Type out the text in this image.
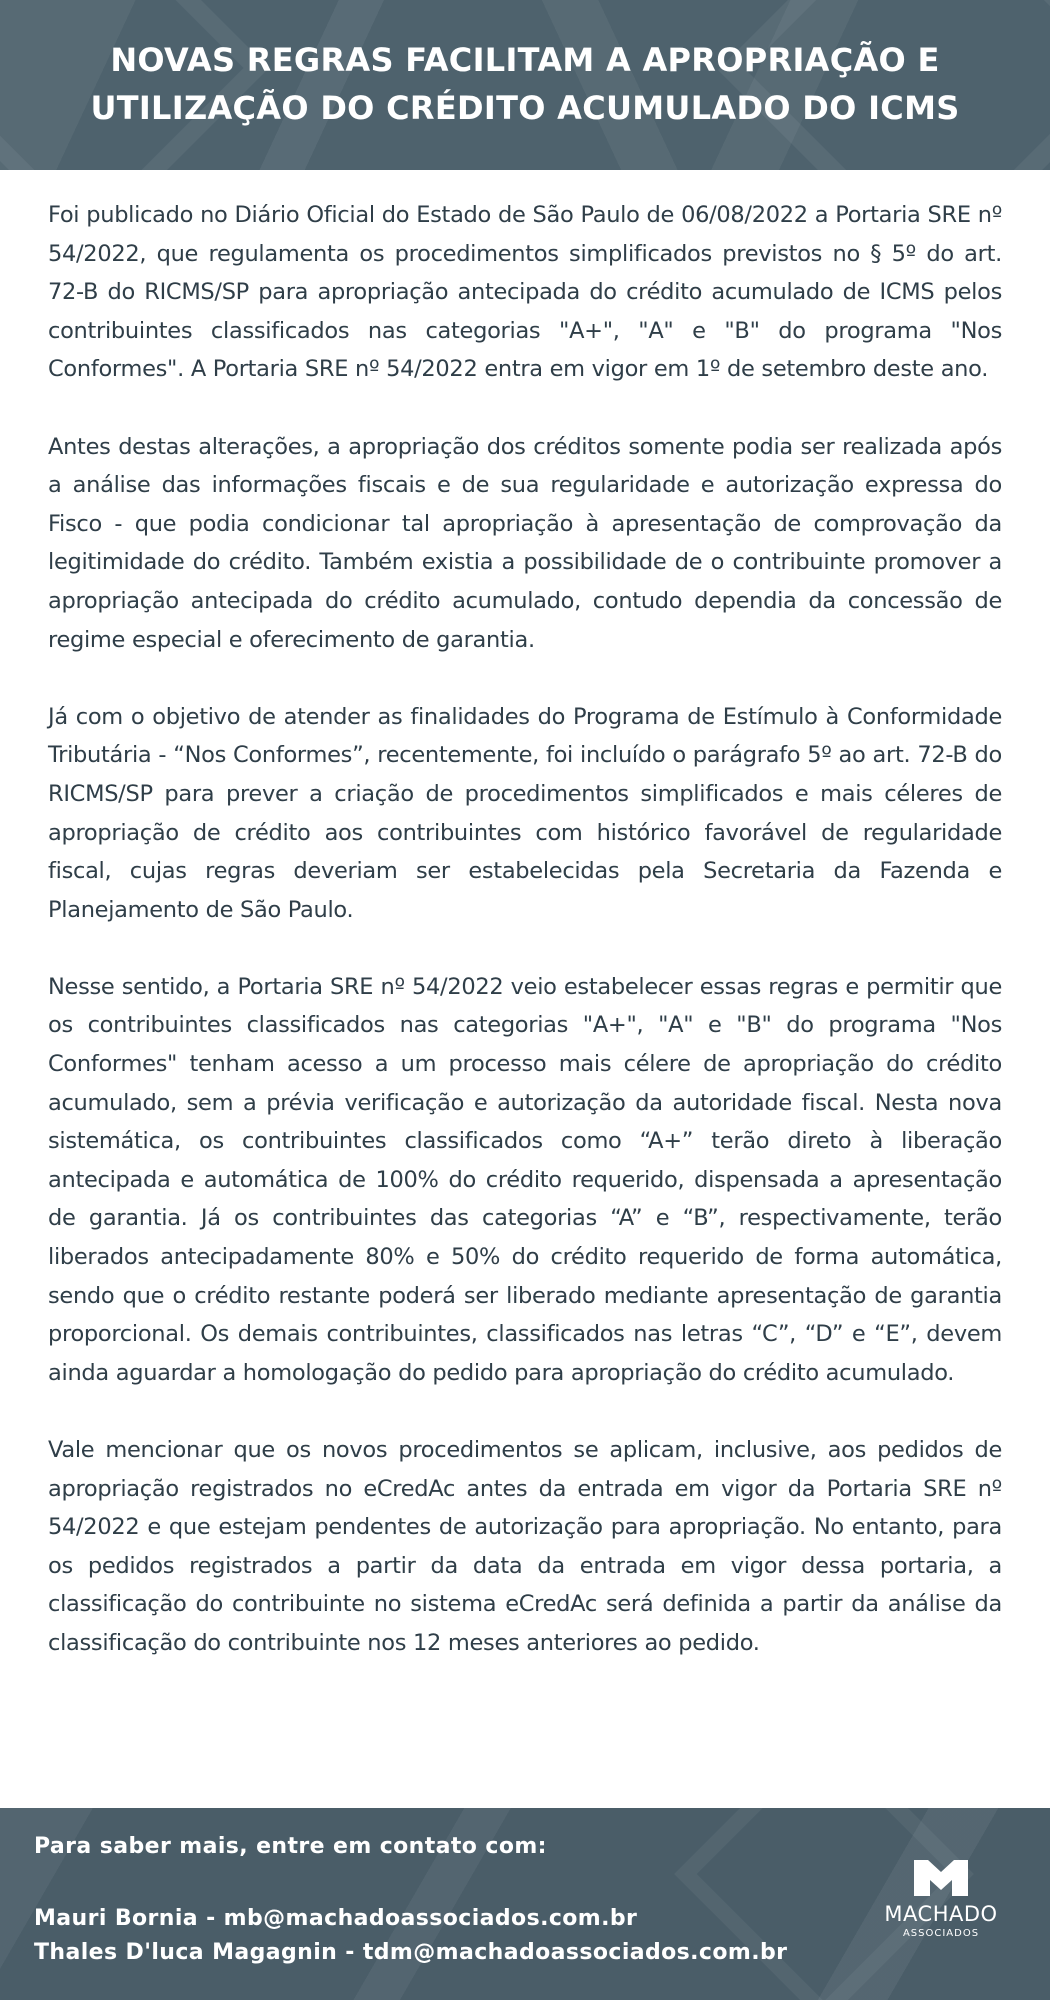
NOVAS REGRAS FACILITAM A APROPRIAÇÃO E
UTILIZAÇÃO DO CRÉDITO ACUMULADO DO ICMS

Foi publicado no Diário Oficial do Estado de São Paulo de 06/08/2022 a Portaria SRE nº 54/2022, que regulamenta os procedimentos simplificados previstos no § 5º do art. 72-B do RICMS/SP para apropriação antecipada do crédito acumulado de ICMS pelos contribuintes classificados nas categorias "A+", "A" e "B" do programa "Nos Conformes". A Portaria SRE nº 54/2022 entra em vigor em 1º de setembro deste ano.

Antes destas alterações, a apropriação dos créditos somente podia ser realizada após a análise das informações fiscais e de sua regularidade e autorização expressa do Fisco - que podia condicionar tal apropriação à apresentação de comprovação da legitimidade do crédito. Também existia a possibilidade de o contribuinte promover a apropriação antecipada do crédito acumulado, contudo dependia da concessão de regime especial e oferecimento de garantia.

Já com o objetivo de atender as finalidades do Programa de Estímulo à Conformidade Tributária - “Nos Conformes”, recentemente, foi incluído o parágrafo 5º ao art. 72-B do RICMS/SP para prever a criação de procedimentos simplificados e mais céleres de apropriação de crédito aos contribuintes com histórico favorável de regularidade fiscal, cujas regras deveriam ser estabelecidas pela Secretaria da Fazenda e Planejamento de São Paulo.

Nesse sentido, a Portaria SRE nº 54/2022 veio estabelecer essas regras e permitir que os contribuintes classificados nas categorias "A+", "A" e "B" do programa "Nos Conformes" tenham acesso a um processo mais célere de apropriação do crédito acumulado, sem a prévia verificação e autorização da autoridade fiscal. Nesta nova sistemática, os contribuintes classificados como “A+” terão direto à liberação antecipada e automática de 100% do crédito requerido, dispensada a apresentação de garantia. Já os contribuintes das categorias “A” e “B”, respectivamente, terão liberados antecipadamente 80% e 50% do crédito requerido de forma automática, sendo que o crédito restante poderá ser liberado mediante apresentação de garantia proporcional. Os demais contribuintes, classificados nas letras “C”, “D” e “E”, devem ainda aguardar a homologação do pedido para apropriação do crédito acumulado.

Vale mencionar que os novos procedimentos se aplicam, inclusive, aos pedidos de apropriação registrados no eCredAc antes da entrada em vigor da Portaria SRE nº 54/2022 e que estejam pendentes de autorização para apropriação. No entanto, para os pedidos registrados a partir da data da entrada em vigor dessa portaria, a classificação do contribuinte no sistema eCredAc será definida a partir da análise da classificação do contribuinte nos 12 meses anteriores ao pedido.

Para saber mais, entre em contato com:

Mauri Bornia - mb@machadoassociados.com.br
Thales D'luca Magagnin - tdm@machadoassociados.com.br
MACHADO
ASSOCIADOS
